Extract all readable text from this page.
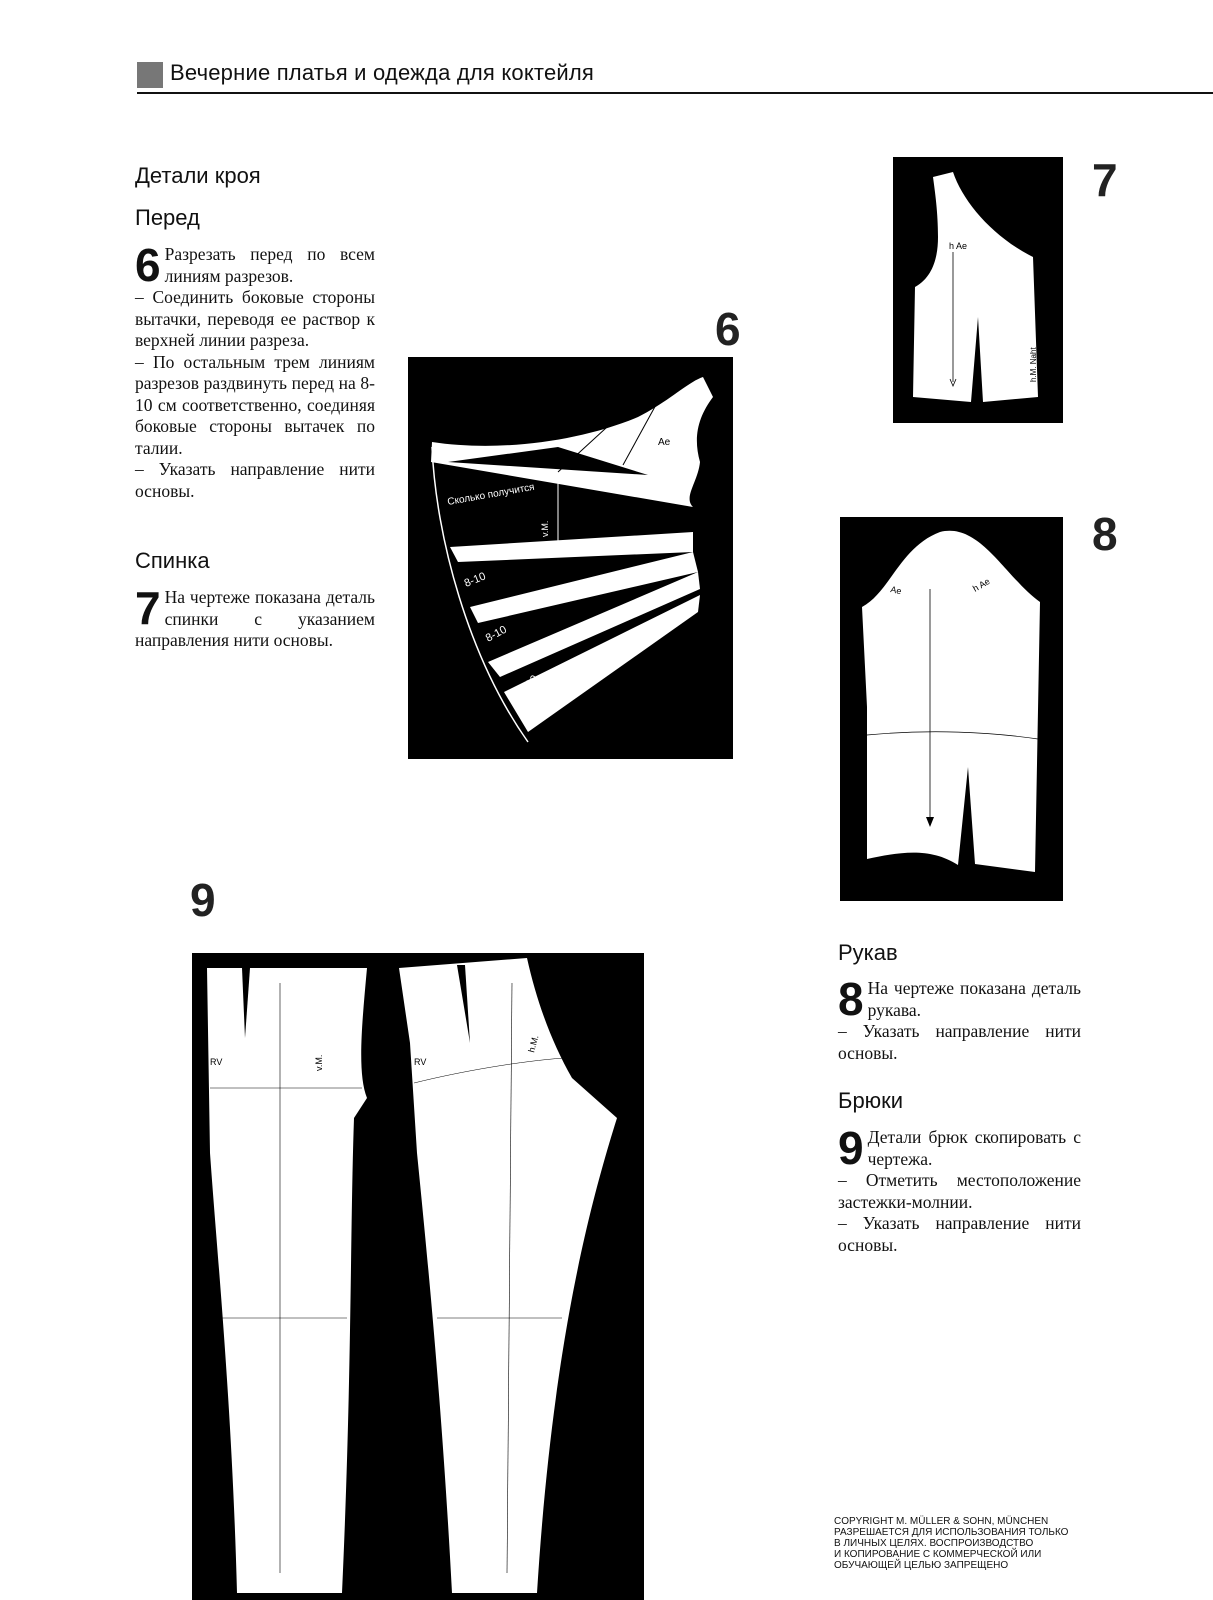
Вечерние платья и одежда для коктейля
Детали кроя
Перед
6 Разрезать перед по всем линиям разрезов.

– Соединить боковые стороны вытачки, переводя ее раствор к верхней линии разреза.

– По остальным трем линиям разрезов раздвинуть перед на 8-10 см соответственно, соединяя боковые стороны вытачек по талии.

– Указать направление нити основы.

Спинка
7 На чертеже показана деталь спинки с указанием направления нити основы.

Рукав
8 На чертеже показана деталь рукава.

– Указать направление нити основы.

Брюки
9 Детали брюк скопировать с чертежа.

– Отметить местоположение застежки-молнии.

– Указать направление нити основы.

6
Ae
Сколько получится
v.M.
8-10
8-10
8-10
7
h Ae
h.M. Naht
8
Ae	h Ae
9
RV	v.M.	RV
h.M.
COPYRIGHT M. MÜLLER & SOHN, MÜNCHEN
РАЗРЕШАЕТСЯ ДЛЯ ИСПОЛЬЗОВАНИЯ ТОЛЬКО
В ЛИЧНЫХ ЦЕЛЯХ. ВОСПРОИЗВОДСТВО
И КОПИРОВАНИЕ С КОММЕРЧЕСКОЙ ИЛИ
ОБУЧАЮЩЕЙ ЦЕЛЬЮ ЗАПРЕЩЕНО
